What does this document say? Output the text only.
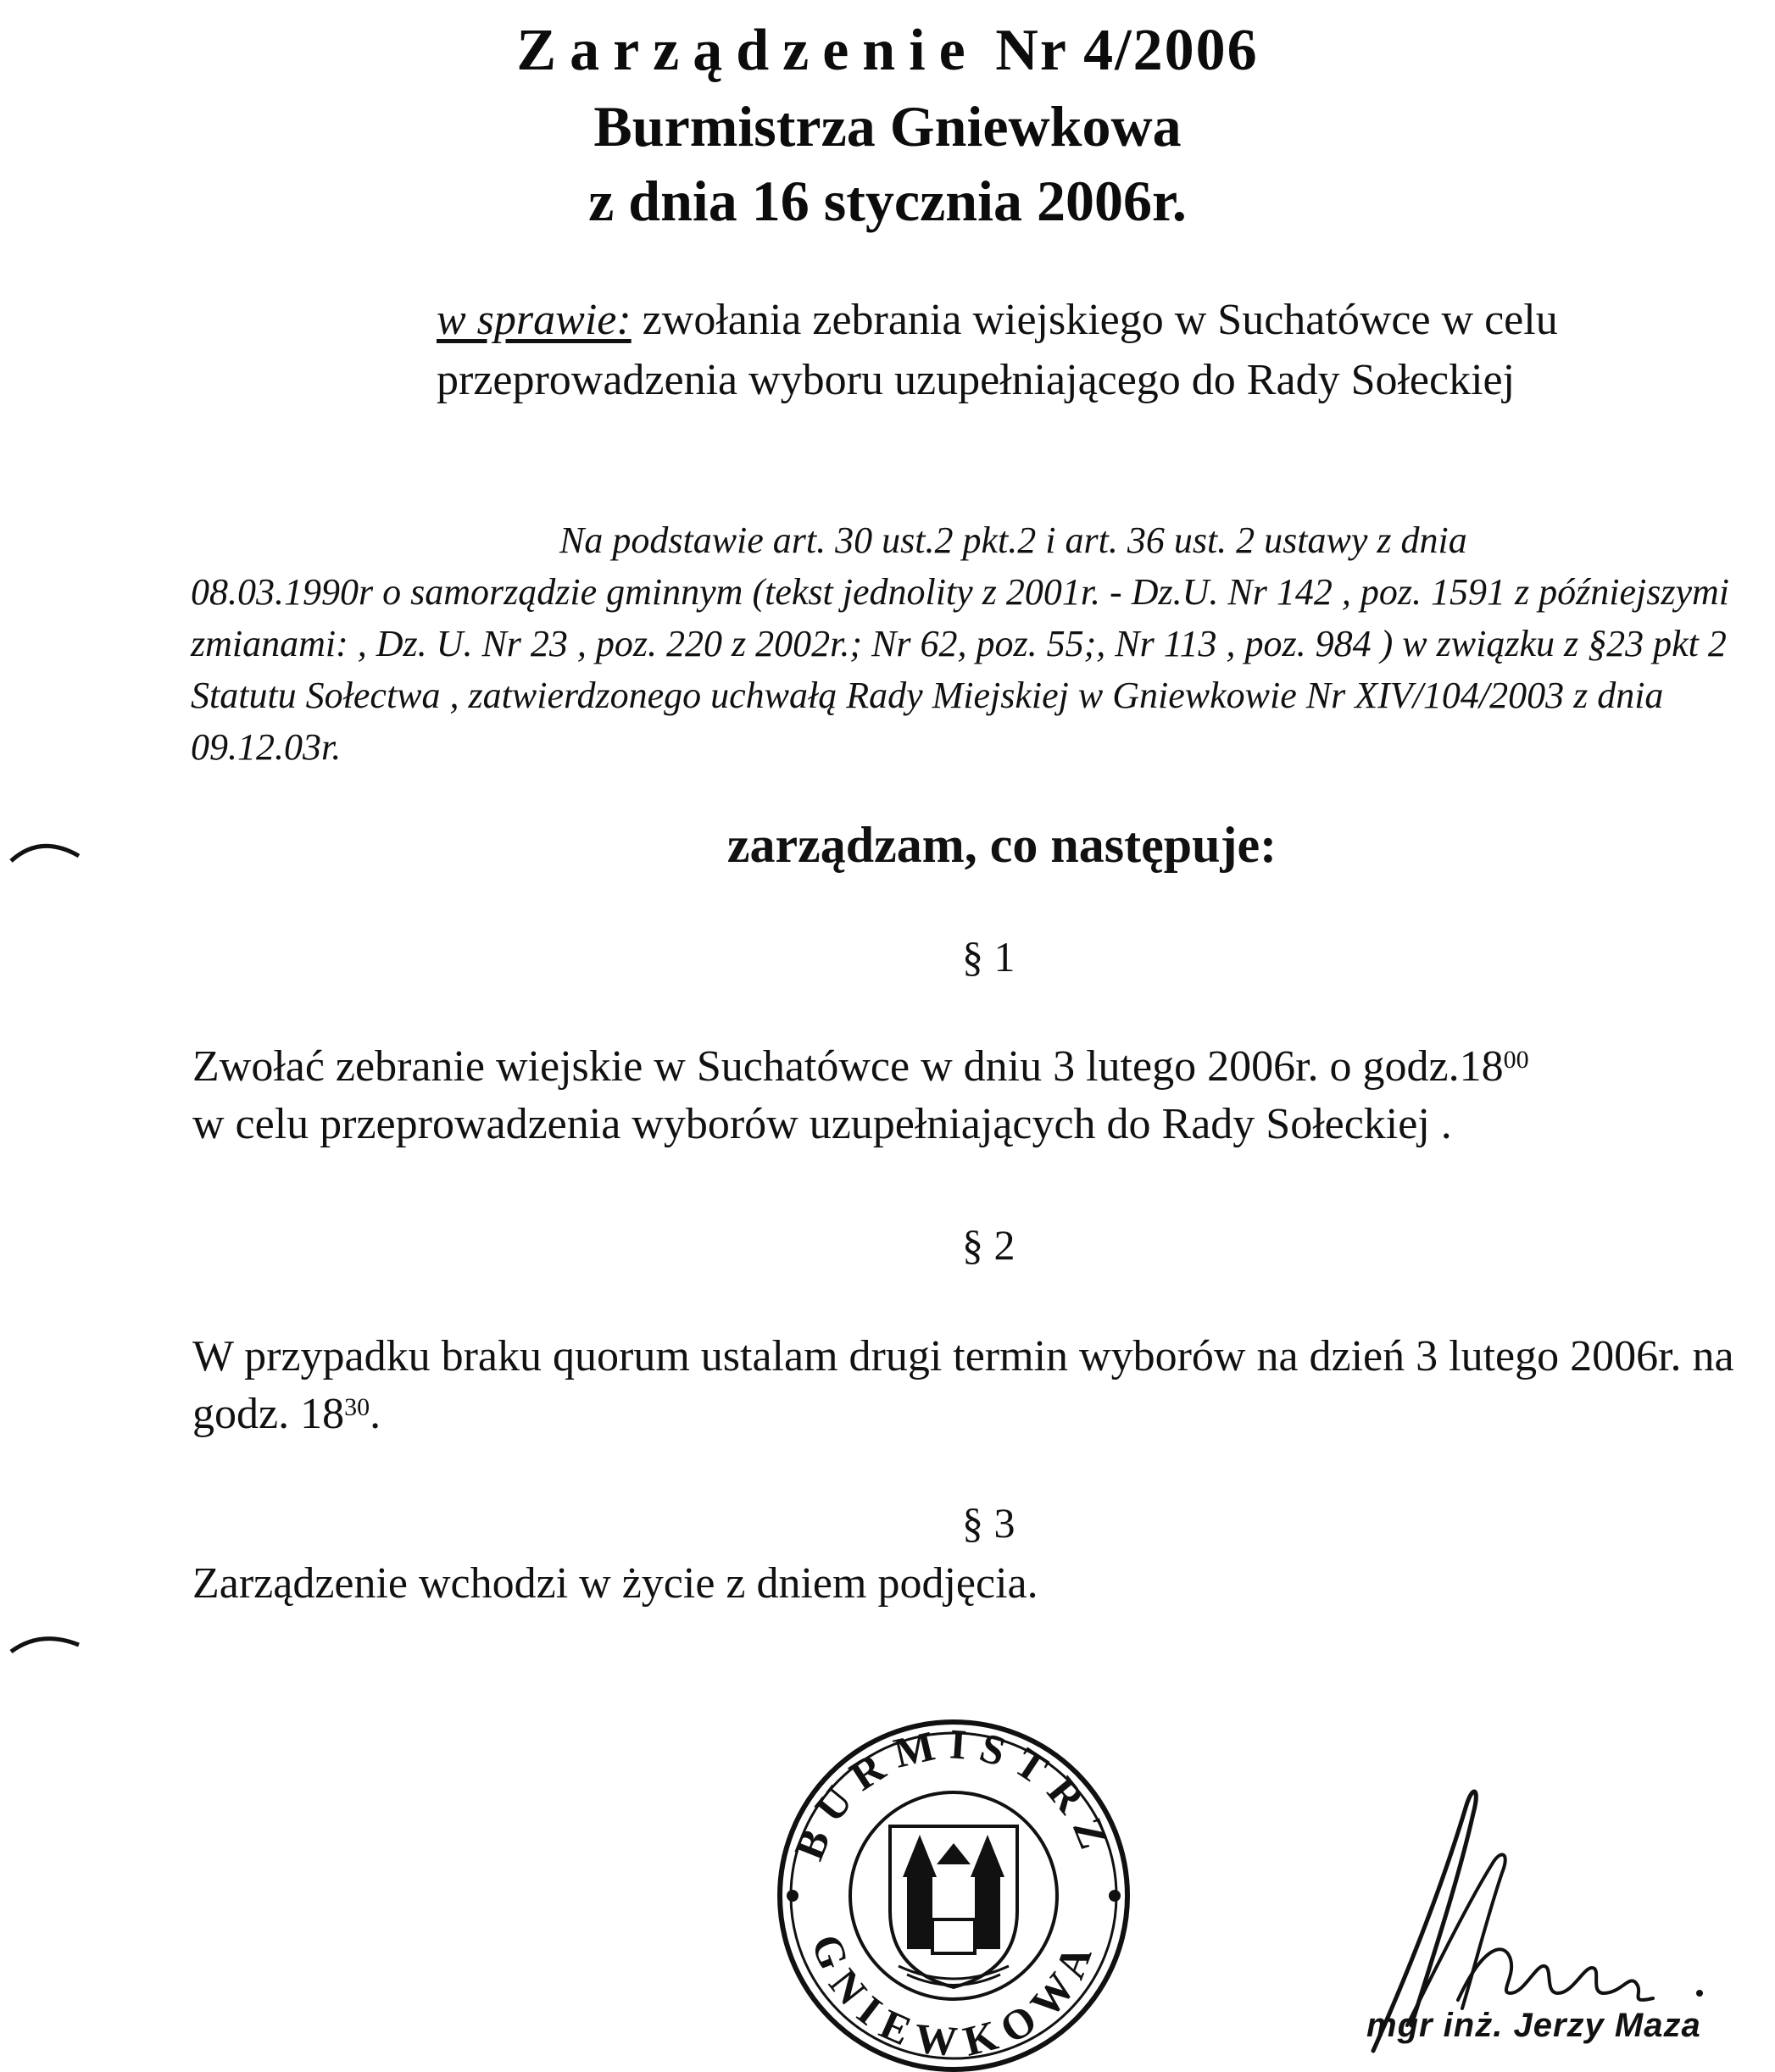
Zarządzenie Nr 4/2006
Burmistrza Gniewkowa
z dnia 16 stycznia 2006r.
w sprawie: zwołania zebrania wiejskiego w Suchatówce w celu przeprowadzenia wyboru uzupełniającego do Rady Sołeckiej
Na podstawie art. 30 ust.2 pkt.2 i art. 36 ust. 2 ustawy z dnia
08.03.1990r o samorządzie gminnym (tekst jednolity z 2001r. - Dz.U. Nr 142 , poz. 1591 z późniejszymi zmianami: , Dz. U. Nr 23 , poz. 220 z 2002r.; Nr 62, poz. 55;, Nr 113 , poz. 984 ) w związku z §23 pkt 2 Statutu Sołectwa , zatwierdzonego uchwałą Rady Miejskiej w Gniewkowie Nr XIV/104/2003 z dnia 09.12.03r.
zarządzam, co następuje:
§ 1
Zwołać zebranie wiejskie w Suchatówce w dniu 3 lutego 2006r. o $godz.18^{00}$
w celu przeprowadzenia wyborów uzupełniających do Rady Sołeckiej .
§ 2
W przypadku braku quorum ustalam drugi termin wyborów na dzień 3 lutego 2006r. na godz. $18^{30}$.
§ 3
Zarządzenie wchodzi w życie z dniem podjęcia.
BURMISTRZ
GNIEWKOWA
mgr inż. Jerzy Maza
